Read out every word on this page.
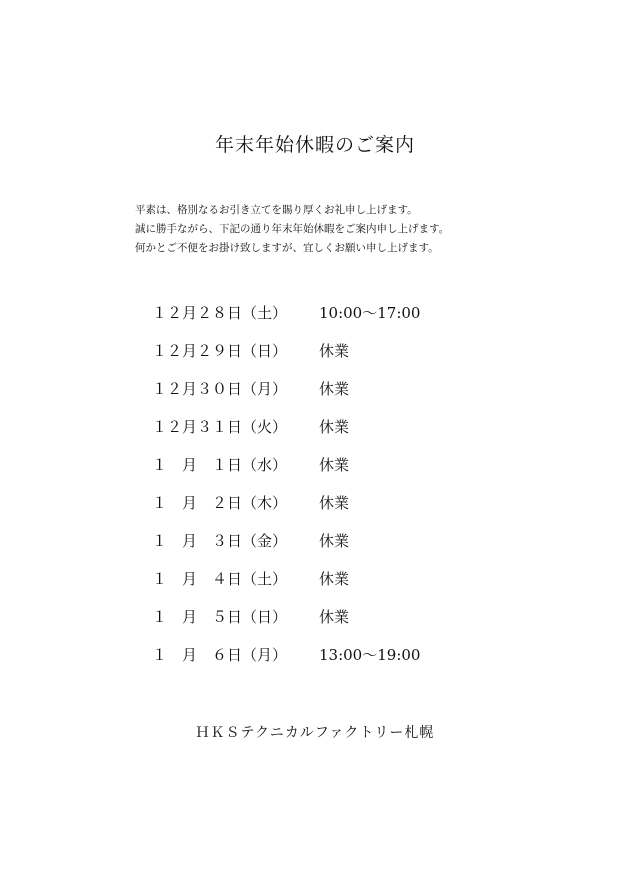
年末年始休暇のご案内

平素は、格別なるお引き立てを賜り厚くお礼申し上げます。

誠に勝手ながら、下記の通り年末年始休暇をご案内申し上げます。

何かとご不便をお掛け致しますが、宜しくお願い申し上げます。

１２月２８日（土）	10:00〜17:00
１２月２９日（日）	休業
１２月３０日（月）	休業
１２月３１日（火）	休業
１　月　１日（水）	休業
１　月　２日（木）	休業
１　月　３日（金）	休業
１　月　４日（土）	休業
１　月　５日（日）	休業
１　月　６日（月）	13:00〜19:00
ＨＫＳテクニカルファクトリー札幌
